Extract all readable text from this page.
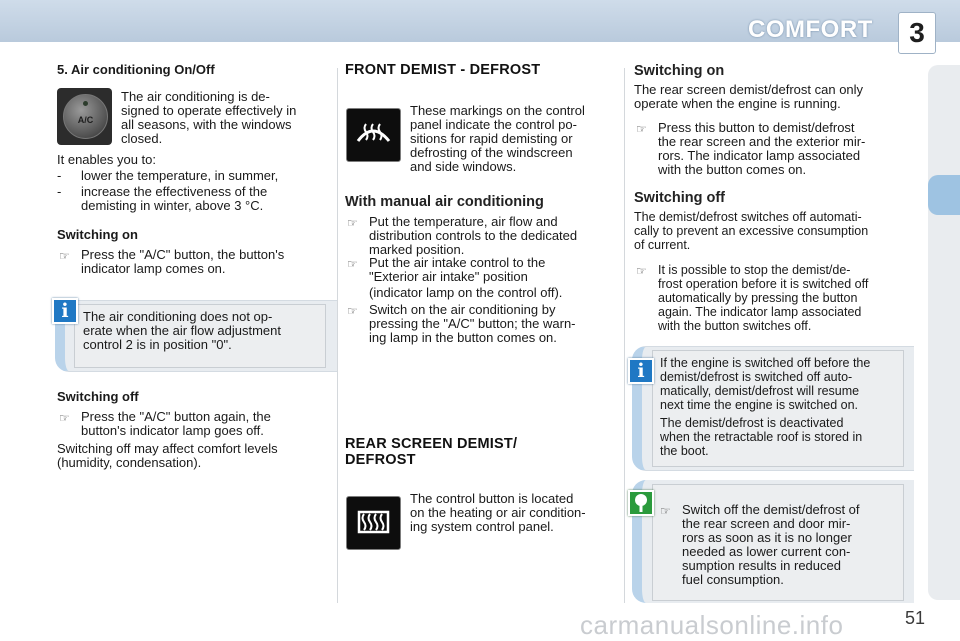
COMFORT	3
5. Air conditioning On/Off
A/C
The air conditioning is de-
signed to operate effectively in
all seasons, with the windows
closed.
It enables you to:
- lower the temperature, in summer,
- increase the effectiveness of the
demisting in winter, above 3 °C.
Switching on
☞ Press the "A/C" button, the button's
indicator lamp comes on.
i	The air conditioning does not op-
erate when the air flow adjustment
control 2 is in position "0".
Switching off
☞ Press the "A/C" button again, the
button's indicator lamp goes off.
Switching off may affect comfort levels
(humidity, condensation).
FRONT DEMIST - DEFROST
These markings on the control
panel indicate the control po-
sitions for rapid demisting or
defrosting of the windscreen
and side windows.
With manual air conditioning
☞ Put the temperature, air flow and
distribution controls to the dedicated
marked position.
☞ Put the air intake control to the
"Exterior air intake" position
(indicator lamp on the control off).
☞ Switch on the air conditioning by
pressing the "A/C" button; the warn-
ing lamp in the button comes on.
REAR SCREEN DEMIST/
DEFROST
The control button is located
on the heating or air condition-
ing system control panel.
Switching on
The rear screen demist/defrost can only
operate when the engine is running.
☞ Press this button to demist/defrost
the rear screen and the exterior mir-
rors. The indicator lamp associated
with the button comes on.
Switching off
The demist/defrost switches off automati-
cally to prevent an excessive consumption
of current.
☞ It is possible to stop the demist/de-
frost operation before it is switched off
automatically by pressing the button
again. The indicator lamp associated
with the button switches off.
i	If the engine is switched off before the
demist/defrost is switched off auto-
matically, demist/defrost will resume
next time the engine is switched on.
The demist/defrost is deactivated
when the retractable roof is stored in
the boot.
☞ Switch off the demist/defrost of
the rear screen and door mir-
rors as soon as it is no longer
needed as lower current con-
sumption results in reduced
fuel consumption.
carmanualsonline.info	51
